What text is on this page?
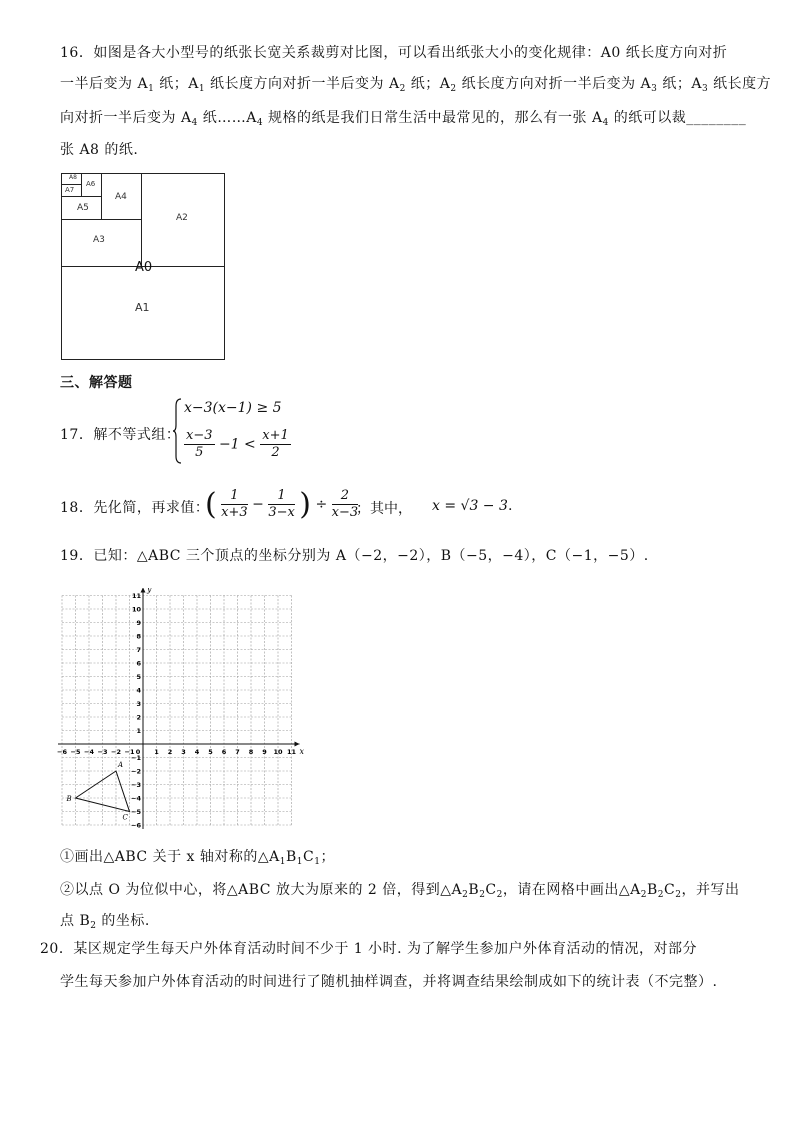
16．如图是各大小型号的纸张长宽关系裁剪对比图，可以看出纸张大小的变化规律：A0 纸长度方向对折
一半后变为 $A_1$ 纸；$A_1$ 纸长度方向对折一半后变为 $A_2$ 纸；$A_2$ 纸长度方向对折一半后变为 $A_3$ 纸；$A_3$ 纸长度方
向对折一半后变为 $A_4$ 纸$\dots\dots A_4$ 规格的纸是我们日常生活中最常见的，那么有一张 $A_4$ 的纸可以裁________
张 A8 的纸.
A8
A7
A6
A5
A4
A3
A2
A0
A1
三、解答题
17．解不等式组：
x−3(x−1) ≥ 5
$\frac{x-3}{5} -1 < \frac{x+1}{2}$
18．先化简，再求值：
( $\frac{1}{x+3} - \frac{1}{3-x}$ ) ÷ $\frac{2}{x-3}$
；其中， x = √3 − 3 .
19．已知：△ABC 三个顶点的坐标分别为 A（−2，−2），B（−5，−4），C（−1，−5）.
x
y
−6 −5 −4 −3 −2 −1 0 1 2 3 4 5 6 7 8 9 10 11
11
10
9
8
7
6
5
4
3
2
1
−1
−2
−3
−4
−5
−6
A
B
C
①画出△ABC 关于 x 轴对称的$\triangle A_1B_1C_1$；
②以点 O 为位似中心，将△ABC 放大为原来的 2 倍，得到$\triangle A_2B_2C_2$，请在网格中画出$\triangle A_2B_2C_2$，并写出
点 $B_2$ 的坐标.
20．某区规定学生每天户外体育活动时间不少于 1 小时. 为了解学生参加户外体育活动的情况，对部分
学生每天参加户外体育活动的时间进行了随机抽样调查，并将调查结果绘制成如下的统计表（不完整）.
